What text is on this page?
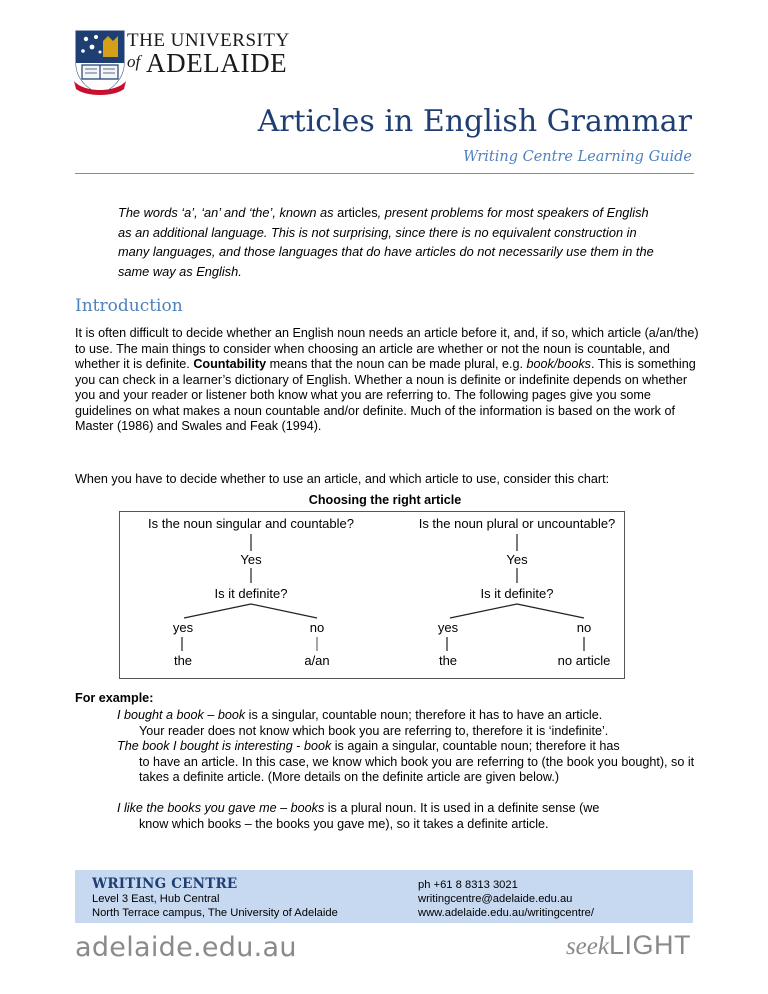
THE UNIVERSITY
of ADELAIDE
Articles in English Grammar
Writing Centre Learning Guide
The words ‘a’, ‘an’ and ‘the’, known as articles, present problems for most speakers of English as an additional language. This is not surprising, since there is no equivalent construction in many languages, and those languages that do have articles do not necessarily use them in the same way as English.
Introduction
It is often difficult to decide whether an English noun needs an article before it, and, if so, which article (a/an/the) to use. The main things to consider when choosing an article are whether or not the noun is countable, and whether it is definite. Countability means that the noun can be made plural, e.g. book/books. This is something you can check in a learner’s dictionary of English. Whether a noun is definite or indefinite depends on whether you and your reader or listener both know what you are referring to. The following pages give you some guidelines on what makes a noun countable and/or definite. Much of the information is based on the work of Master (1986) and Swales and Feak (1994).
When you have to decide whether to use an article, and which article to use, consider this chart:
Choosing the right article
Is the noun singular and countable?	Is the noun plural or uncountable?
Yes	Yes
Is it definite?	Is it definite?
yes	no	yes	no
the	a/an	the	no article
For example:
I bought a book – book is a singular, countable noun; therefore it has to have an article.
Your reader does not know which book you are referring to, therefore it is ‘indefinite’.
The book I bought is interesting - book is again a singular, countable noun; therefore it has
to have an article. In this case, we know which book you are referring to (the book you bought), so it takes a definite article. (More details on the definite article are given below.)
I like the books you gave me – books is a plural noun. It is used in a definite sense (we
know which books – the books you gave me), so it takes a definite article.
WRITING CENTRE
Level 3 East, Hub Central
North Terrace campus, The University of Adelaide
ph +61 8 8313 3021
writingcentre@adelaide.edu.au
www.adelaide.edu.au/writingcentre/
adelaide.edu.au	seekLIGHT
